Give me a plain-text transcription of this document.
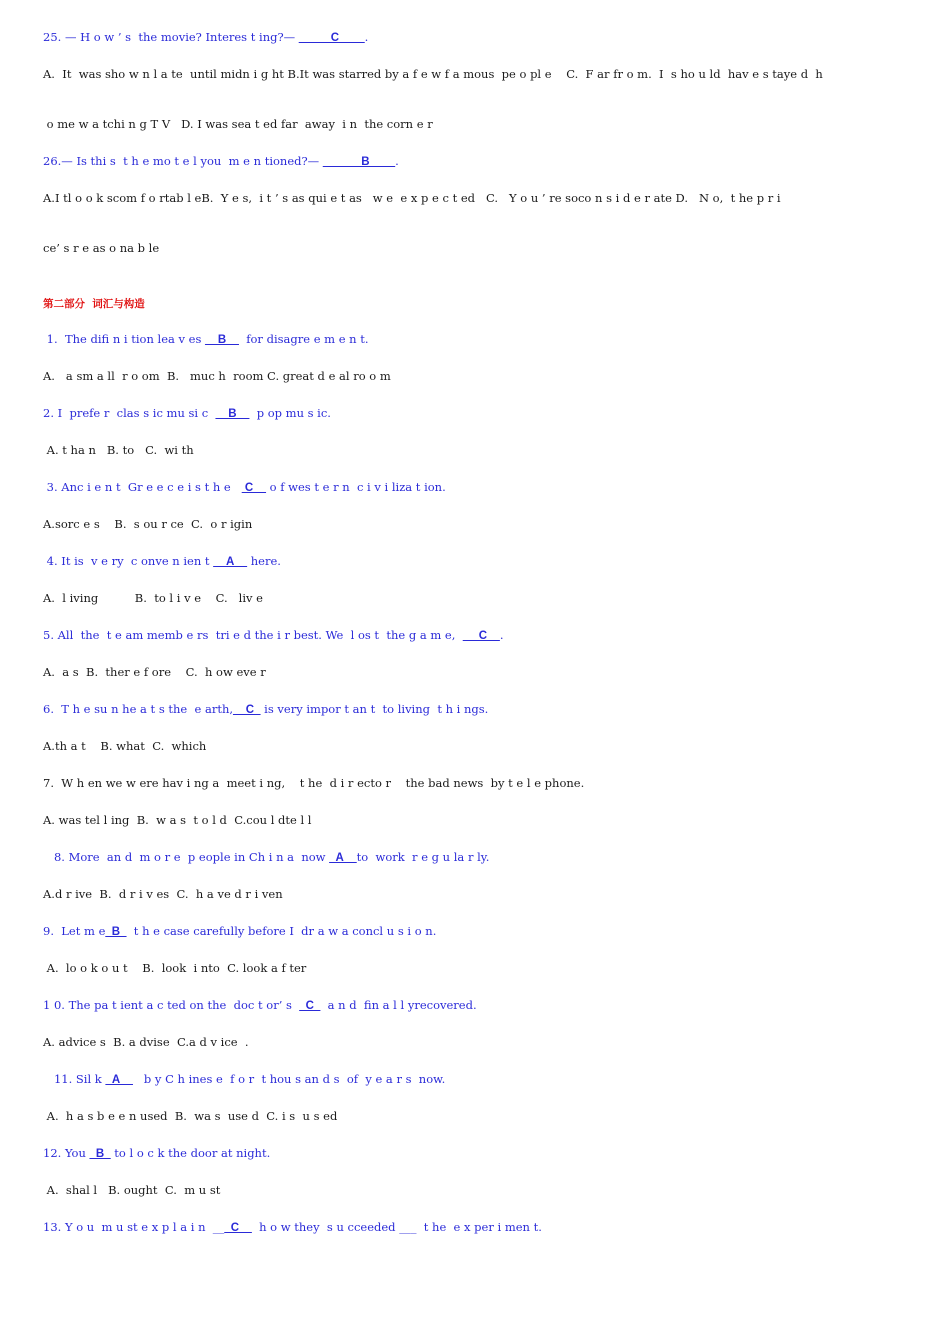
25. — H o w ’ s  the movie? Interes t ing?— _____C____.
A.  It  was sho w n l a te  until midn i g ht B.It was starred by a f e w f a mous  pe o pl e    C.  F ar fr o m.  I  s ho u ld  hav e s taye d  h
o me w a tchi n g T V   D. I was sea t ed far  away  i n  the corn e r
26.— Is thi s  t h e mo t e l you  m e n tioned?— ______B____.
A.I tl o o k scom f o rtab l eB.  Y e s,  i t ’ s as qui e t as   w e  e x p e c t ed   C.   Y o u ’ re soco n s i d e r ate D.   N o,  t he p r i
ce’ s r e as o na b le
第二部分  词汇与构造
1.  The difi n i tion lea v es __B__  for disagre e m e n t.
A.   a sm a ll  r o om  B.   muc h  room C. great d e al ro o m
2. I  prefe r  clas s ic mu si c  __B__  p op mu s ic.
A. t ha n   B. to   C.  wi th
3. Anc i e n t  Gr e e c e i s t h e    C__ o f wes t e r n  c i v i liza t ion.
A.sorc e s    B.  s ou r ce  C.  o r igin
4. It is  v e ry  c onve n ien t __A__ here.
A.  l iving          B.  to l i v e    C.   liv e
5. All  the  t e am memb e rs  tri e d the i r best. We  l os t  the g a m e,   __C__.
A.  a s  B.  ther e f ore    C.  h ow eve r
6.  T h e su n he a t s the  e arth,__C_ is very impor t an t  to living  t h i ngs.
A.th a t    B. what  C.  which
7.  W h en we w ere hav i ng a  meet i ng,    t he  d i r ecto r    the bad news  by t e l e phone.
A. was tel l ing  B.  w a s  t o l d  C.cou l dte l l
8. More  an d  m o r e  p eople in Ch i n a  now _A__to  work  r e g u la r ly.
A.d r ive  B.  d r i v es  C.  h a ve d r i ven
9.  Let m e_B_  t h e case carefully before I  dr a w a concl u s i o n.
A.  lo o k o u t    B.  look  i nto  C. look a f ter
1 0. The pa t ient a c ted on the  doc t or’ s  _C_  a n d  fin a l l yrecovered.
A. advice s  B. a dvise  C.a d v ice  .
11. Sil k _A__   b y C h ines e  f o r  t hou s an d s  of  y e a r s  now.
A.  h a s b e e n used  B.  wa s  use d  C. i s  u s ed
12. You _B_ to l o c k the door at night.
A.  shal l   B. ought  C.  m u st
13. Y o u  m u st e x p l a i n  ___C__  h o w they  s u cceeded ___  t he  e x per i men t.
